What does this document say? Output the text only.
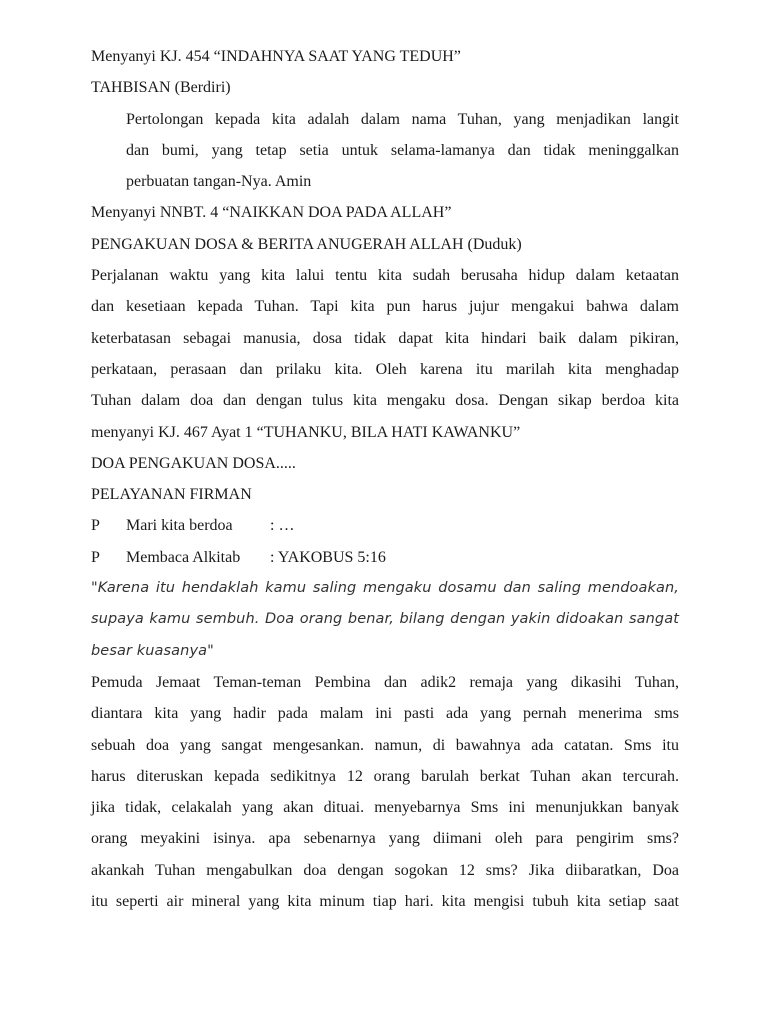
Menyanyi KJ. 454 “INDAHNYA SAAT YANG TEDUH”
TAHBISAN (Berdiri)
Pertolongan kepada kita adalah dalam nama Tuhan, yang menjadikan langit
dan bumi, yang tetap setia untuk selama-lamanya dan tidak meninggalkan
perbuatan tangan-Nya. Amin
Menyanyi NNBT. 4 “NAIKKAN DOA PADA ALLAH”
PENGAKUAN DOSA & BERITA ANUGERAH ALLAH (Duduk)
Perjalanan waktu yang kita lalui tentu kita sudah berusaha hidup dalam ketaatan
dan kesetiaan kepada Tuhan. Tapi kita pun harus jujur mengakui bahwa dalam
keterbatasan sebagai manusia, dosa tidak dapat kita hindari baik dalam pikiran,
perkataan, perasaan dan prilaku kita. Oleh karena itu marilah kita menghadap
Tuhan dalam doa dan dengan tulus kita mengaku dosa. Dengan sikap berdoa kita
menyanyi KJ. 467 Ayat 1 “TUHANKU, BILA HATI KAWANKU”
DOA PENGAKUAN DOSA.....
PELAYANAN FIRMAN
P	Mari kita berdoa	: …
P	Membaca Alkitab	: YAKOBUS 5:16
"Karena itu hendaklah kamu saling mengaku dosamu dan saling mendoakan,
supaya kamu sembuh. Doa orang benar, bilang dengan yakin didoakan sangat
besar kuasanya"
Pemuda Jemaat Teman-teman Pembina dan adik2 remaja yang dikasihi Tuhan,
diantara kita yang hadir pada malam ini pasti ada yang pernah menerima sms
sebuah doa yang sangat mengesankan. namun, di bawahnya ada catatan. Sms itu
harus diteruskan kepada sedikitnya 12 orang barulah berkat Tuhan akan tercurah.
jika tidak, celakalah yang akan dituai. menyebarnya Sms ini menunjukkan banyak
orang meyakini isinya. apa sebenarnya yang diimani oleh para pengirim sms?
akankah Tuhan mengabulkan doa dengan sogokan 12 sms? Jika diibaratkan, Doa
itu seperti air mineral yang kita minum tiap hari. kita mengisi tubuh kita setiap saat
